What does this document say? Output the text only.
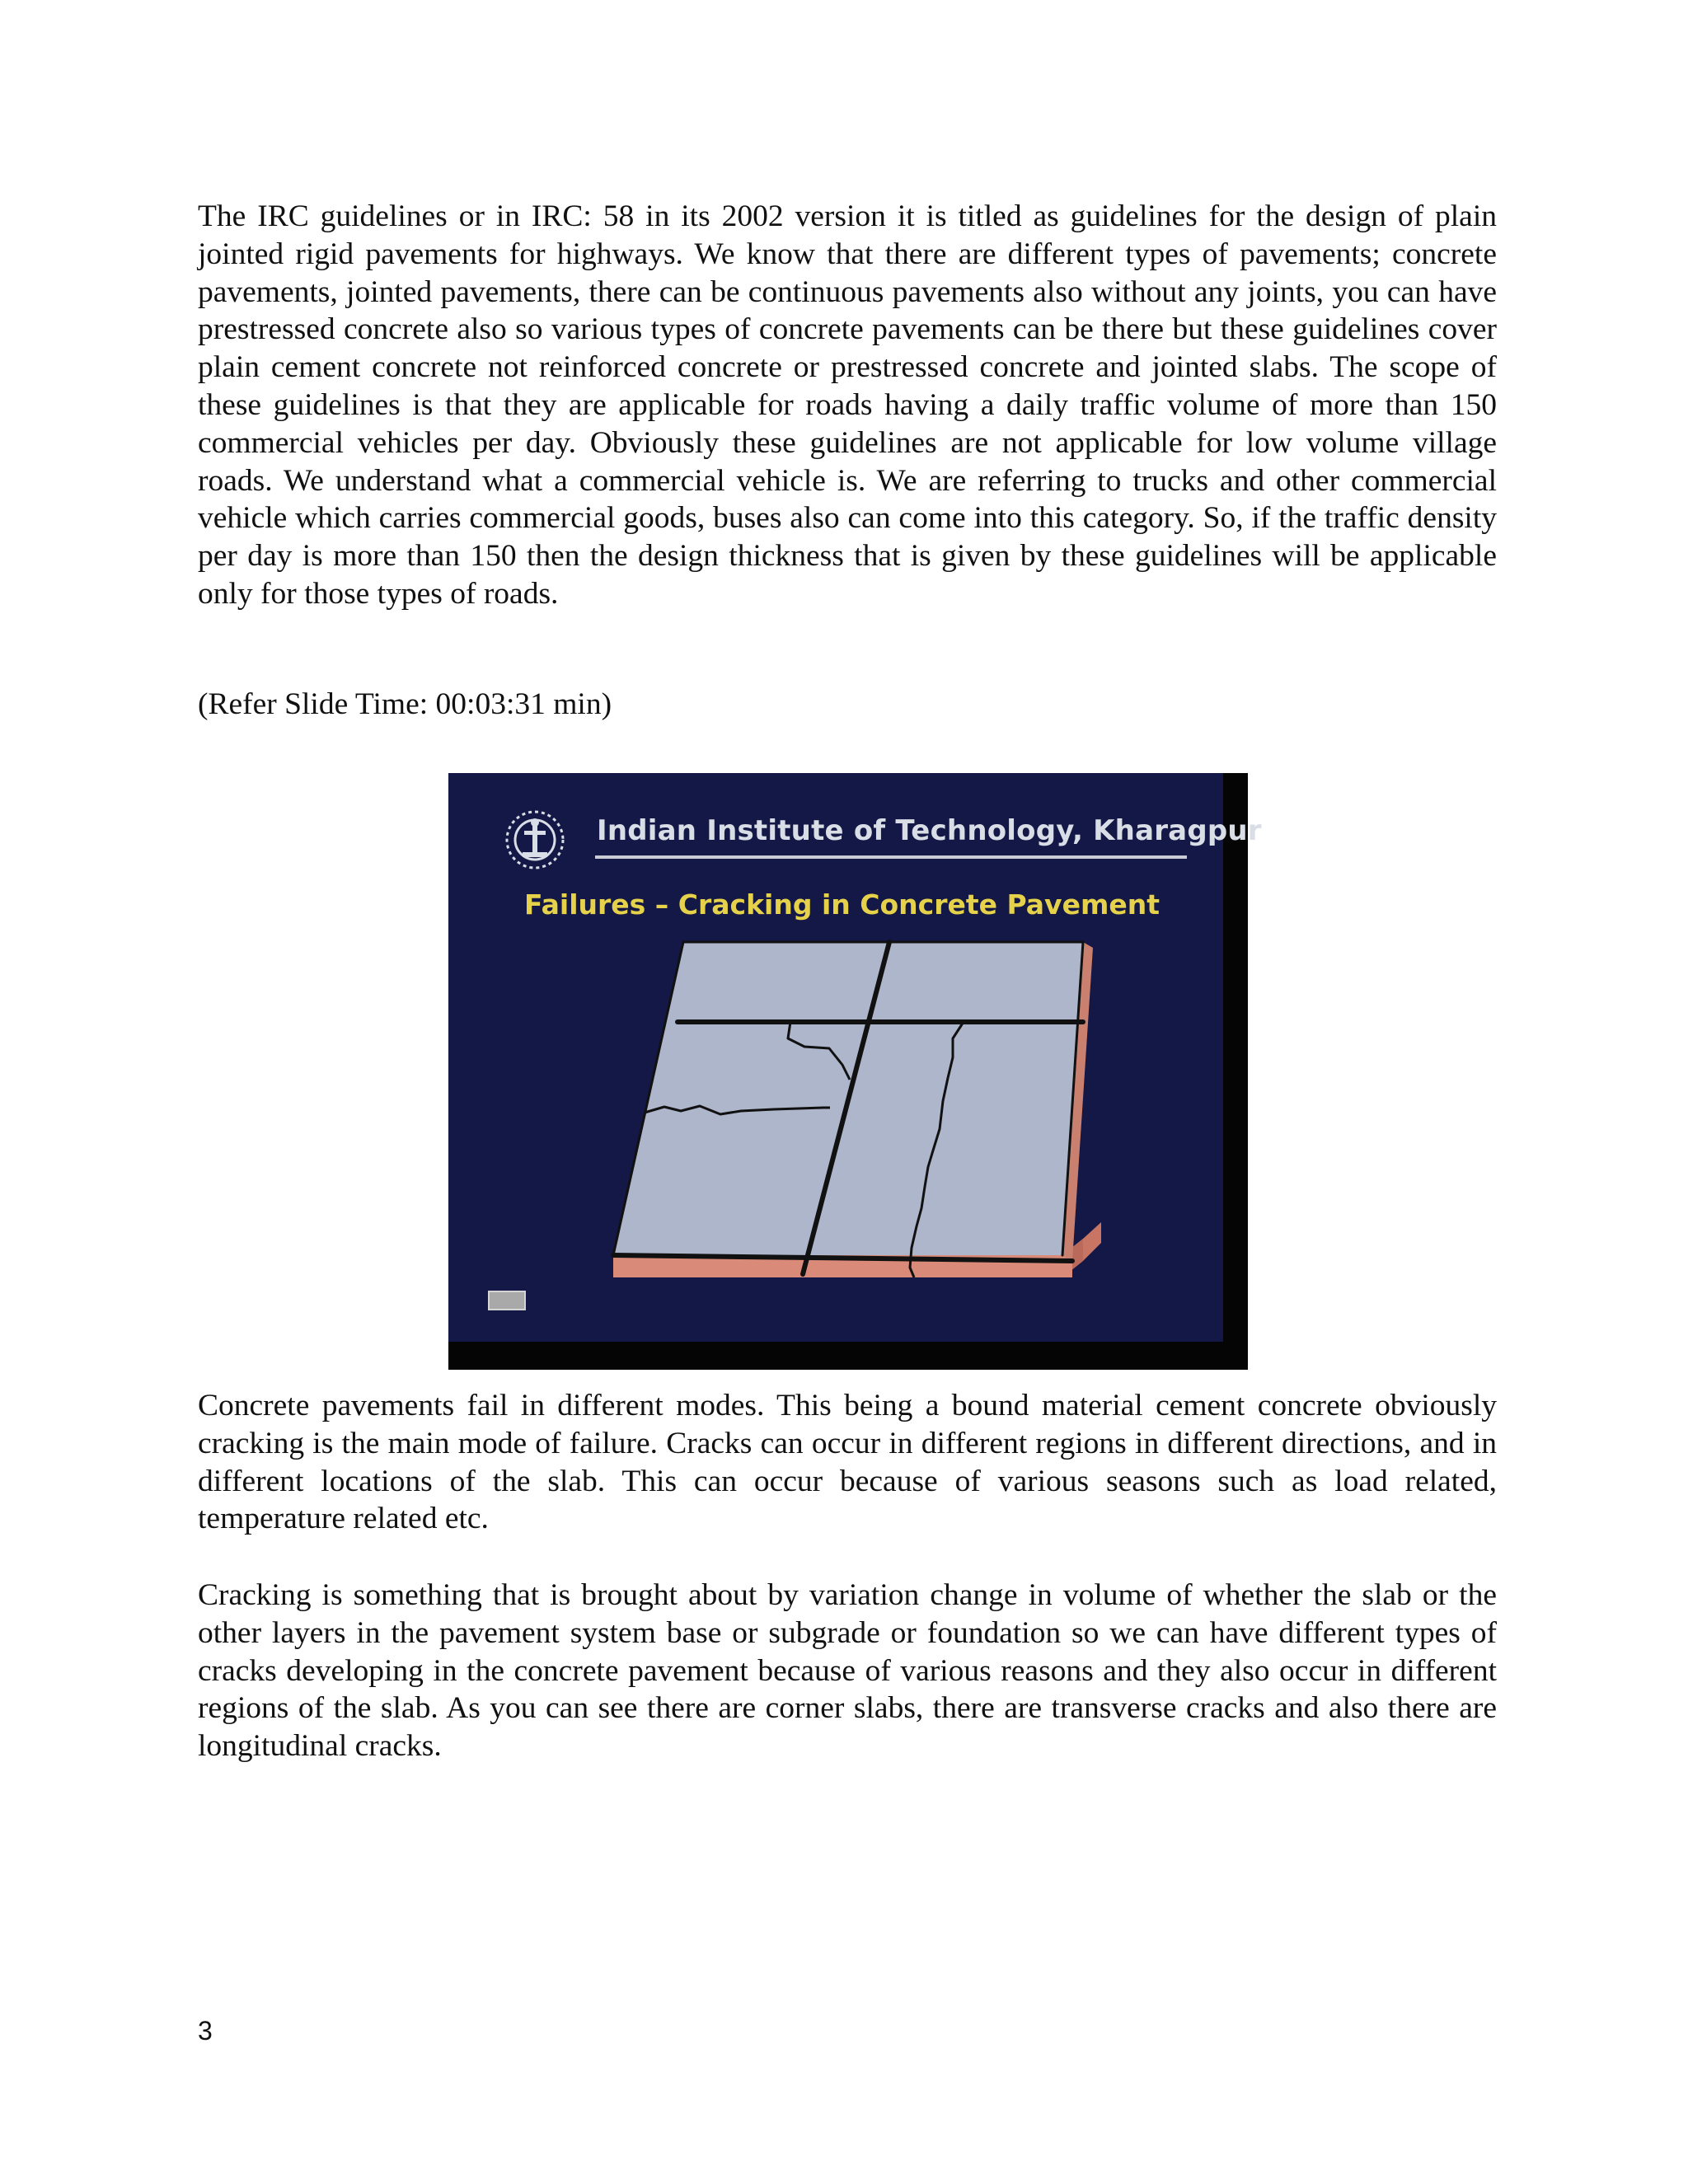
The IRC guidelines or in IRC: 58 in its 2002 version it is titled as guidelines for the design of plain jointed rigid pavements for highways. We know that there are different types of pavements; concrete pavements, jointed pavements, there can be continuous pavements also without any joints, you can have prestressed concrete also so various types of concrete pavements can be there but these guidelines cover plain cement concrete not reinforced concrete or prestressed concrete and jointed slabs. The scope of these guidelines is that they are applicable for roads having a daily traffic volume of more than 150 commercial vehicles per day. Obviously these guidelines are not applicable for low volume village roads. We understand what a commercial vehicle is. We are referring to trucks and other commercial vehicle which carries commercial goods, buses also can come into this category. So, if the traffic density per day is more than 150 then the design thickness that is given by these guidelines will be applicable only for those types of roads.

(Refer Slide Time: 00:03:31 min)

Indian Institute of Technology, Kharagpur
Failures – Cracking in Concrete Pavement

Concrete pavements fail in different modes. This being a bound material cement concrete obviously cracking is the main mode of failure. Cracks can occur in different regions in different directions, and in different locations of the slab. This can occur because of various seasons such as load related, temperature related etc.

Cracking is something that is brought about by variation change in volume of whether the slab or the other layers in the pavement system base or subgrade or foundation so we can have different types of cracks developing in the concrete pavement because of various reasons and they also occur in different regions of the slab. As you can see there are corner slabs, there are transverse cracks and also there are longitudinal cracks.

3
